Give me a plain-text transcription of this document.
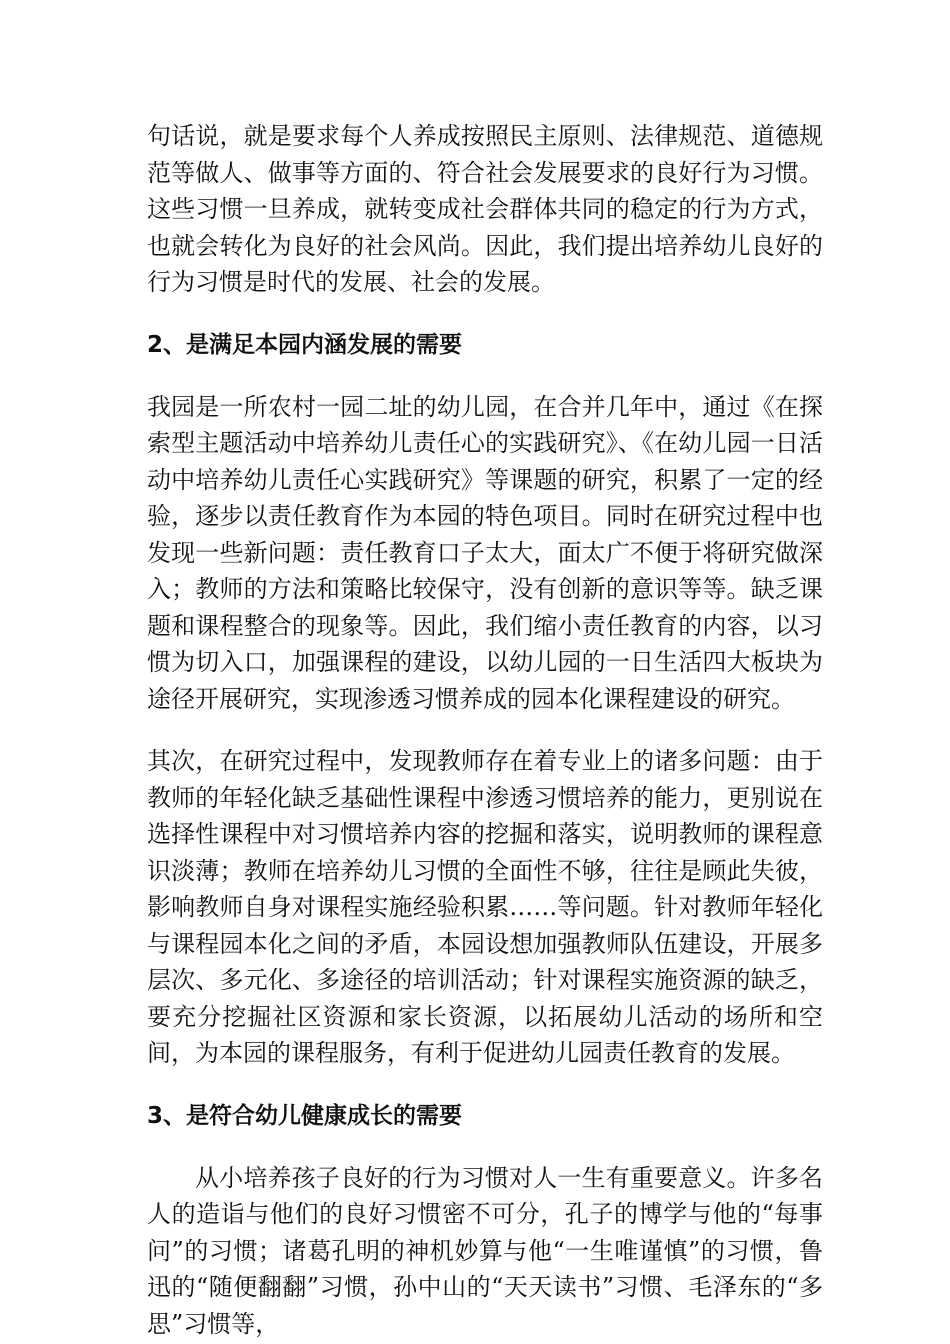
句话说，就是要求每个人养成按照民主原则、法律规范、道德规范等做人、做事等方面的、符合社会发展要求的良好行为习惯。这些习惯一旦养成，就转变成社会群体共同的稳定的行为方式，也就会转化为良好的社会风尚。因此，我们提出培养幼儿良好的行为习惯是时代的发展、社会的发展。

2、是满足本园内涵发展的需要

我园是一所农村一园二址的幼儿园，在合并几年中，通过《在探索型主题活动中培养幼儿责任心的实践研究》、《在幼儿园一日活动中培养幼儿责任心实践研究》等课题的研究，积累了一定的经验，逐步以责任教育作为本园的特色项目。同时在研究过程中也发现一些新问题：责任教育口子太大，面太广不便于将研究做深入；教师的方法和策略比较保守，没有创新的意识等等。缺乏课题和课程整合的现象等。因此，我们缩小责任教育的内容，以习惯为切入口，加强课程的建设，以幼儿园的一日生活四大板块为途径开展研究，实现渗透习惯养成的园本化课程建设的研究。

其次，在研究过程中，发现教师存在着专业上的诸多问题：由于教师的年轻化缺乏基础性课程中渗透习惯培养的能力，更别说在选择性课程中对习惯培养内容的挖掘和落实，说明教师的课程意识淡薄；教师在培养幼儿习惯的全面性不够，往往是顾此失彼，影响教师自身对课程实施经验积累……等问题。针对教师年轻化与课程园本化之间的矛盾，本园设想加强教师队伍建设，开展多层次、多元化、多途径的培训活动；针对课程实施资源的缺乏，要充分挖掘社区资源和家长资源，以拓展幼儿活动的场所和空间，为本园的课程服务，有利于促进幼儿园责任教育的发展。

3、是符合幼儿健康成长的需要

从小培养孩子良好的行为习惯对人一生有重要意义。许多名人的造诣与他们的良好习惯密不可分，孔子的博学与他的“每事问”的习惯；诸葛孔明的神机妙算与他“一生唯谨慎”的习惯，鲁迅的“随便翻翻”习惯，孙中山的“天天读书”习惯、毛泽东的“多思”习惯等，
